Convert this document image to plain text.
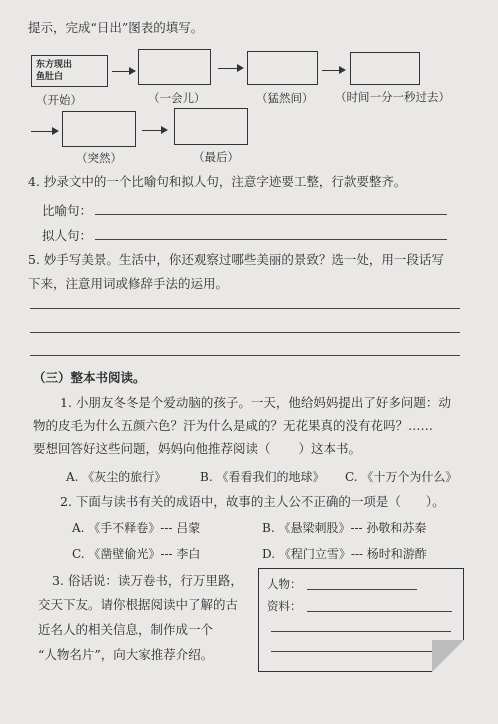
提示，完成“日出”图表的填写。
东方现出
鱼肚白
（开始）	（一会儿）	（猛然间） （时间一分一秒过去）
（突然）	（最后）
4. 抄录文中的一个比喻句和拟人句，注意字迹要工整，行款要整齐。
比喻句：
拟人句：
5. 妙手写美景。生活中，你还观察过哪些美丽的景致？选一处，用一段话写
下来，注意用词或修辞手法的运用。
（三）整本书阅读。
1. 小朋友冬冬是个爱动脑的孩子。一天，他给妈妈提出了好多问题：动
物的皮毛为什么五颜六色？汗为什么是咸的？无花果真的没有花吗？……
要想回答好这些问题，妈妈向他推荐阅读（ ）这本书。
A. 《灰尘的旅行》	B. 《看看我们的地球》 C. 《十万个为什么》
2. 下面与读书有关的成语中，故事的主人公不正确的一项是（　　）。
A. 《手不释卷》--- 吕蒙	B. 《悬梁刺股》--- 孙敬和苏秦
C. 《凿壁偷光》--- 李白	D. 《程门立雪》--- 杨时和游酢
3. 俗话说：读万卷书，行万里路，
交天下友。请你根据阅读中了解的古
近名人的相关信息，制作成一个
“人物名片”，向大家推荐介绍。
人物：
资料：
